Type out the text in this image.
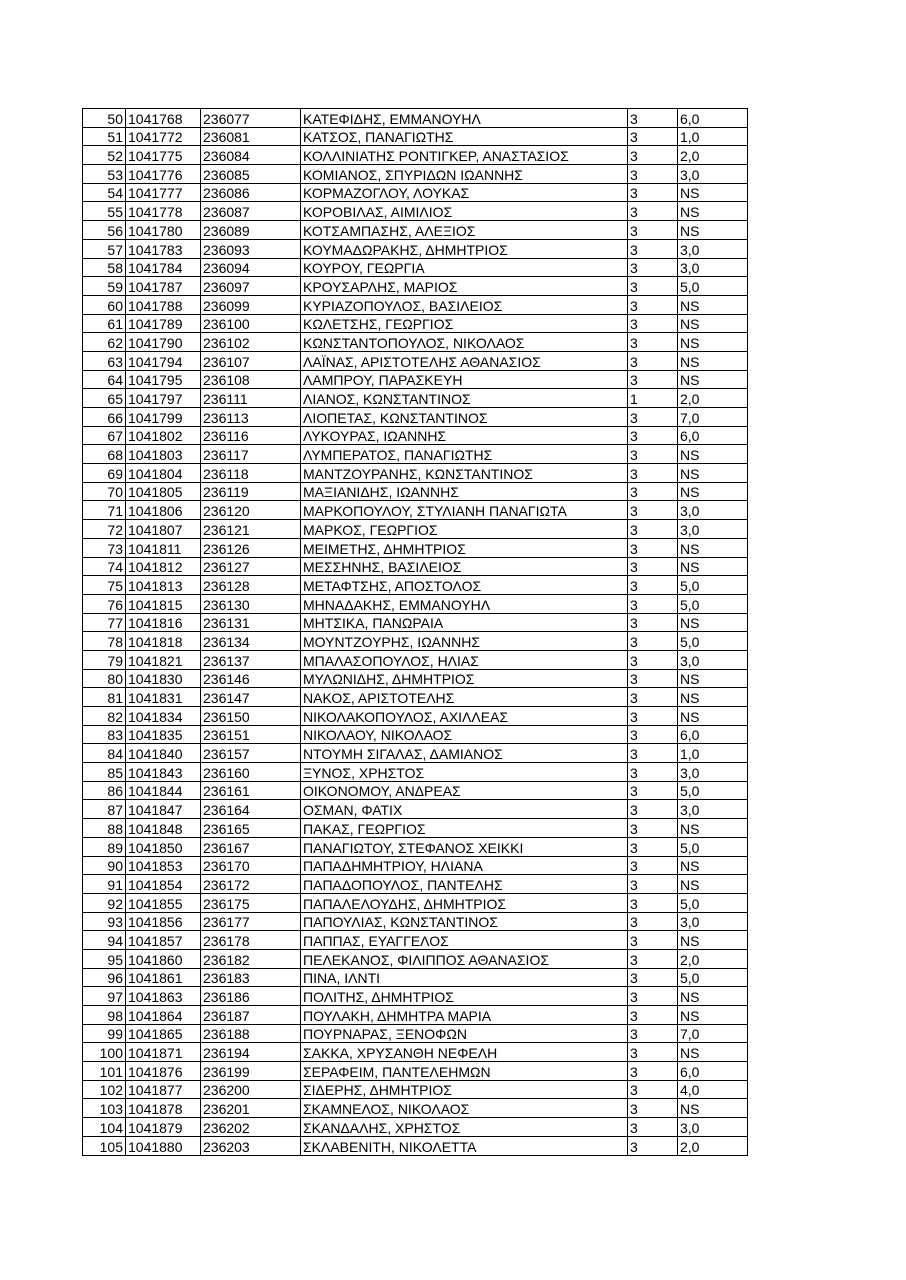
50	1041768	236077	ΚΑΤΕΦΙΔΗΣ, ΕΜΜΑΝΟΥΗΛ	3	6,0
51	1041772	236081	ΚΑΤΣΟΣ, ΠΑΝΑΓΙΩΤΗΣ	3	1,0
52	1041775	236084	ΚΟΛΛΙΝΙΑΤΗΣ ΡΟΝΤΙΓΚΕΡ, ΑΝΑΣΤΑΣΙΟΣ	3	2,0
53	1041776	236085	ΚΟΜΙΑΝΟΣ, ΣΠΥΡΙΔΩΝ ΙΩΑΝΝΗΣ	3	3,0
54	1041777	236086	ΚΟΡΜΑΖΟΓΛΟΥ, ΛΟΥΚΑΣ	3	NS
55	1041778	236087	ΚΟΡΟΒΙΛΑΣ, ΑΙΜΙΛΙΟΣ	3	NS
56	1041780	236089	ΚΟΤΣΑΜΠΑΣΗΣ, ΑΛΕΞΙΟΣ	3	NS
57	1041783	236093	ΚΟΥΜΑΔΩΡΑΚΗΣ, ΔΗΜΗΤΡΙΟΣ	3	3,0
58	1041784	236094	ΚΟΥΡΟΥ, ΓΕΩΡΓΙΑ	3	3,0
59	1041787	236097	ΚΡΟΥΣΑΡΛΗΣ, ΜΑΡΙΟΣ	3	5,0
60	1041788	236099	ΚΥΡΙΑΖΟΠΟΥΛΟΣ, ΒΑΣΙΛΕΙΟΣ	3	NS
61	1041789	236100	ΚΩΛΕΤΣΗΣ, ΓΕΩΡΓΙΟΣ	3	NS
62	1041790	236102	ΚΩΝΣΤΑΝΤΟΠΟΥΛΟΣ, ΝΙΚΟΛΑΟΣ	3	NS
63	1041794	236107	ΛΑΪΝΑΣ, ΑΡΙΣΤΟΤΕΛΗΣ ΑΘΑΝΑΣΙΟΣ	3	NS
64	1041795	236108	ΛΑΜΠΡΟΥ, ΠΑΡΑΣΚΕΥΗ	3	NS
65	1041797	236111	ΛΙΑΝΟΣ, ΚΩΝΣΤΑΝΤΙΝΟΣ	1	2,0
66	1041799	236113	ΛΙΟΠΕΤΑΣ, ΚΩΝΣΤΑΝΤΙΝΟΣ	3	7,0
67	1041802	236116	ΛΥΚΟΥΡΑΣ, ΙΩΑΝΝΗΣ	3	6,0
68	1041803	236117	ΛΥΜΠΕΡΑΤΟΣ, ΠΑΝΑΓΙΩΤΗΣ	3	NS
69	1041804	236118	ΜΑΝΤΖΟΥΡΑΝΗΣ, ΚΩΝΣΤΑΝΤΙΝΟΣ	3	NS
70	1041805	236119	ΜΑΞΙΑΝΙΔΗΣ, ΙΩΑΝΝΗΣ	3	NS
71	1041806	236120	ΜΑΡΚΟΠΟΥΛΟΥ, ΣΤΥΛΙΑΝΗ ΠΑΝΑΓΙΩΤΑ	3	3,0
72	1041807	236121	ΜΑΡΚΟΣ, ΓΕΩΡΓΙΟΣ	3	3,0
73	1041811	236126	ΜΕΙΜΕΤΗΣ, ΔΗΜΗΤΡΙΟΣ	3	NS
74	1041812	236127	ΜΕΣΣΗΝΗΣ, ΒΑΣΙΛΕΙΟΣ	3	NS
75	1041813	236128	ΜΕΤΑΦΤΣΗΣ, ΑΠΟΣΤΟΛΟΣ	3	5,0
76	1041815	236130	ΜΗΝΑΔΑΚΗΣ, ΕΜΜΑΝΟΥΗΛ	3	5,0
77	1041816	236131	ΜΗΤΣΙΚΑ, ΠΑΝΩΡΑΙΑ	3	NS
78	1041818	236134	ΜΟΥΝΤΖΟΥΡΗΣ, ΙΩΑΝΝΗΣ	3	5,0
79	1041821	236137	ΜΠΑΛΑΣΟΠΟΥΛΟΣ, ΗΛΙΑΣ	3	3,0
80	1041830	236146	ΜΥΛΩΝΙΔΗΣ, ΔΗΜΗΤΡΙΟΣ	3	NS
81	1041831	236147	ΝΑΚΟΣ, ΑΡΙΣΤΟΤΕΛΗΣ	3	NS
82	1041834	236150	ΝΙΚΟΛΑΚΟΠΟΥΛΟΣ, ΑΧΙΛΛΕΑΣ	3	NS
83	1041835	236151	ΝΙΚΟΛΑΟΥ, ΝΙΚΟΛΑΟΣ	3	6,0
84	1041840	236157	ΝΤΟΥΜΗ ΣΙΓΑΛΑΣ, ΔΑΜΙΑΝΟΣ	3	1,0
85	1041843	236160	ΞΥΝΟΣ, ΧΡΗΣΤΟΣ	3	3,0
86	1041844	236161	ΟΙΚΟΝΟΜΟΥ, ΑΝΔΡΕΑΣ	3	5,0
87	1041847	236164	ΟΣΜΑΝ, ΦΑΤΙΧ	3	3,0
88	1041848	236165	ΠΑΚΑΣ, ΓΕΩΡΓΙΟΣ	3	NS
89	1041850	236167	ΠΑΝΑΓΙΩΤΟΥ, ΣΤΕΦΑΝΟΣ ΧΕΙΚΚΙ	3	5,0
90	1041853	236170	ΠΑΠΑΔΗΜΗΤΡΙΟΥ, ΗΛΙΑΝΑ	3	NS
91	1041854	236172	ΠΑΠΑΔΟΠΟΥΛΟΣ, ΠΑΝΤΕΛΗΣ	3	NS
92	1041855	236175	ΠΑΠΑΛΕΛΟΥΔΗΣ, ΔΗΜΗΤΡΙΟΣ	3	5,0
93	1041856	236177	ΠΑΠΟΥΛΙΑΣ, ΚΩΝΣΤΑΝΤΙΝΟΣ	3	3,0
94	1041857	236178	ΠΑΠΠΑΣ, ΕΥΑΓΓΕΛΟΣ	3	NS
95	1041860	236182	ΠΕΛΕΚΑΝΟΣ, ΦΙΛΙΠΠΟΣ ΑΘΑΝΑΣΙΟΣ	3	2,0
96	1041861	236183	ΠΙΝΑ, ΙΛΝΤΙ	3	5,0
97	1041863	236186	ΠΟΛΙΤΗΣ, ΔΗΜΗΤΡΙΟΣ	3	NS
98	1041864	236187	ΠΟΥΛΑΚΗ, ΔΗΜΗΤΡΑ ΜΑΡΙΑ	3	NS
99	1041865	236188	ΠΟΥΡΝΑΡΑΣ, ΞΕΝΟΦΩΝ	3	7,0
100	1041871	236194	ΣΑΚΚΑ, ΧΡΥΣΑΝΘΗ ΝΕΦΕΛΗ	3	NS
101	1041876	236199	ΣΕΡΑΦΕΙΜ, ΠΑΝΤΕΛΕΗΜΩΝ	3	6,0
102	1041877	236200	ΣΙΔΕΡΗΣ, ΔΗΜΗΤΡΙΟΣ	3	4,0
103	1041878	236201	ΣΚΑΜΝΕΛΟΣ, ΝΙΚΟΛΑΟΣ	3	NS
104	1041879	236202	ΣΚΑΝΔΑΛΗΣ, ΧΡΗΣΤΟΣ	3	3,0
105	1041880	236203	ΣΚΛΑΒΕΝΙΤΗ, ΝΙΚΟΛΕΤΤΑ	3	2,0
